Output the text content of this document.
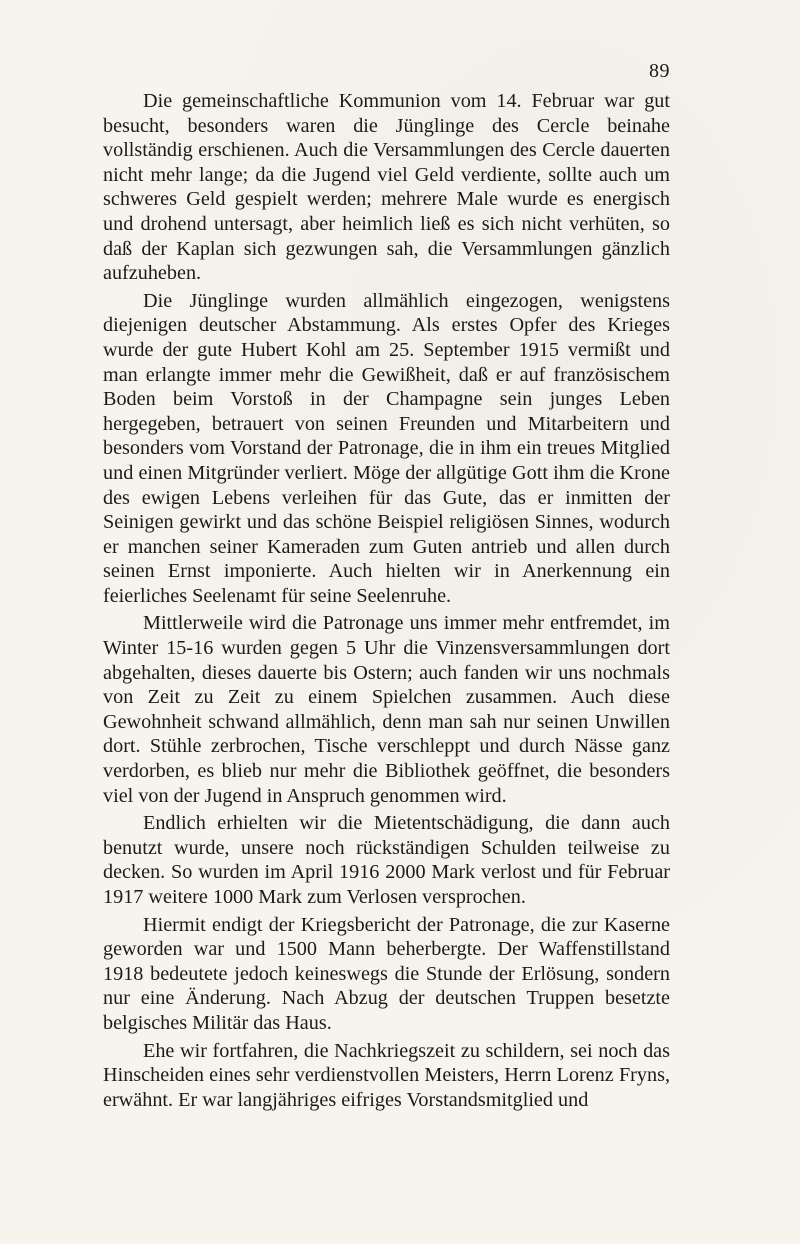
89

Die gemeinschaftliche Kommunion vom 14. Februar war gut besucht, besonders waren die Jünglinge des Cercle beinahe vollständig erschienen. Auch die Versammlungen des Cercle dauerten nicht mehr lange; da die Jugend viel Geld verdiente, sollte auch um schweres Geld gespielt werden; mehrere Male wurde es energisch und drohend untersagt, aber heimlich ließ es sich nicht verhüten, so daß der Kaplan sich gezwungen sah, die Versammlungen gänzlich aufzuheben.

Die Jünglinge wurden allmählich eingezogen, wenigstens diejenigen deutscher Abstammung. Als erstes Opfer des Krieges wurde der gute Hubert Kohl am 25. September 1915 vermißt und man erlangte immer mehr die Gewißheit, daß er auf französischem Boden beim Vorstoß in der Champagne sein junges Leben hergegeben, betrauert von seinen Freunden und Mitarbeitern und besonders vom Vorstand der Patronage, die in ihm ein treues Mitglied und einen Mitgründer verliert. Möge der allgütige Gott ihm die Krone des ewigen Lebens verleihen für das Gute, das er inmitten der Seinigen gewirkt und das schöne Beispiel religiösen Sinnes, wodurch er manchen seiner Kameraden zum Guten antrieb und allen durch seinen Ernst imponierte. Auch hielten wir in Anerkennung ein feierliches Seelenamt für seine Seelenruhe.

Mittlerweile wird die Patronage uns immer mehr entfremdet, im Winter 15-16 wurden gegen 5 Uhr die Vinzensversammlungen dort abgehalten, dieses dauerte bis Ostern; auch fanden wir uns nochmals von Zeit zu Zeit zu einem Spielchen zusammen. Auch diese Gewohnheit schwand allmählich, denn man sah nur seinen Unwillen dort. Stühle zerbrochen, Tische verschleppt und durch Nässe ganz verdorben, es blieb nur mehr die Bibliothek geöffnet, die besonders viel von der Jugend in Anspruch genommen wird.

Endlich erhielten wir die Mietentschädigung, die dann auch benutzt wurde, unsere noch rückständigen Schulden teilweise zu decken. So wurden im April 1916 2000 Mark verlost und für Februar 1917 weitere 1000 Mark zum Verlosen versprochen.

Hiermit endigt der Kriegsbericht der Patronage, die zur Kaserne geworden war und 1500 Mann beherbergte. Der Waffenstillstand 1918 bedeutete jedoch keineswegs die Stunde der Erlösung, sondern nur eine Änderung. Nach Abzug der deutschen Truppen besetzte belgisches Militär das Haus.

Ehe wir fortfahren, die Nachkriegszeit zu schildern, sei noch das Hinscheiden eines sehr verdienstvollen Meisters, Herrn Lorenz Fryns, erwähnt. Er war langjähriges eifriges Vorstandsmitglied und
